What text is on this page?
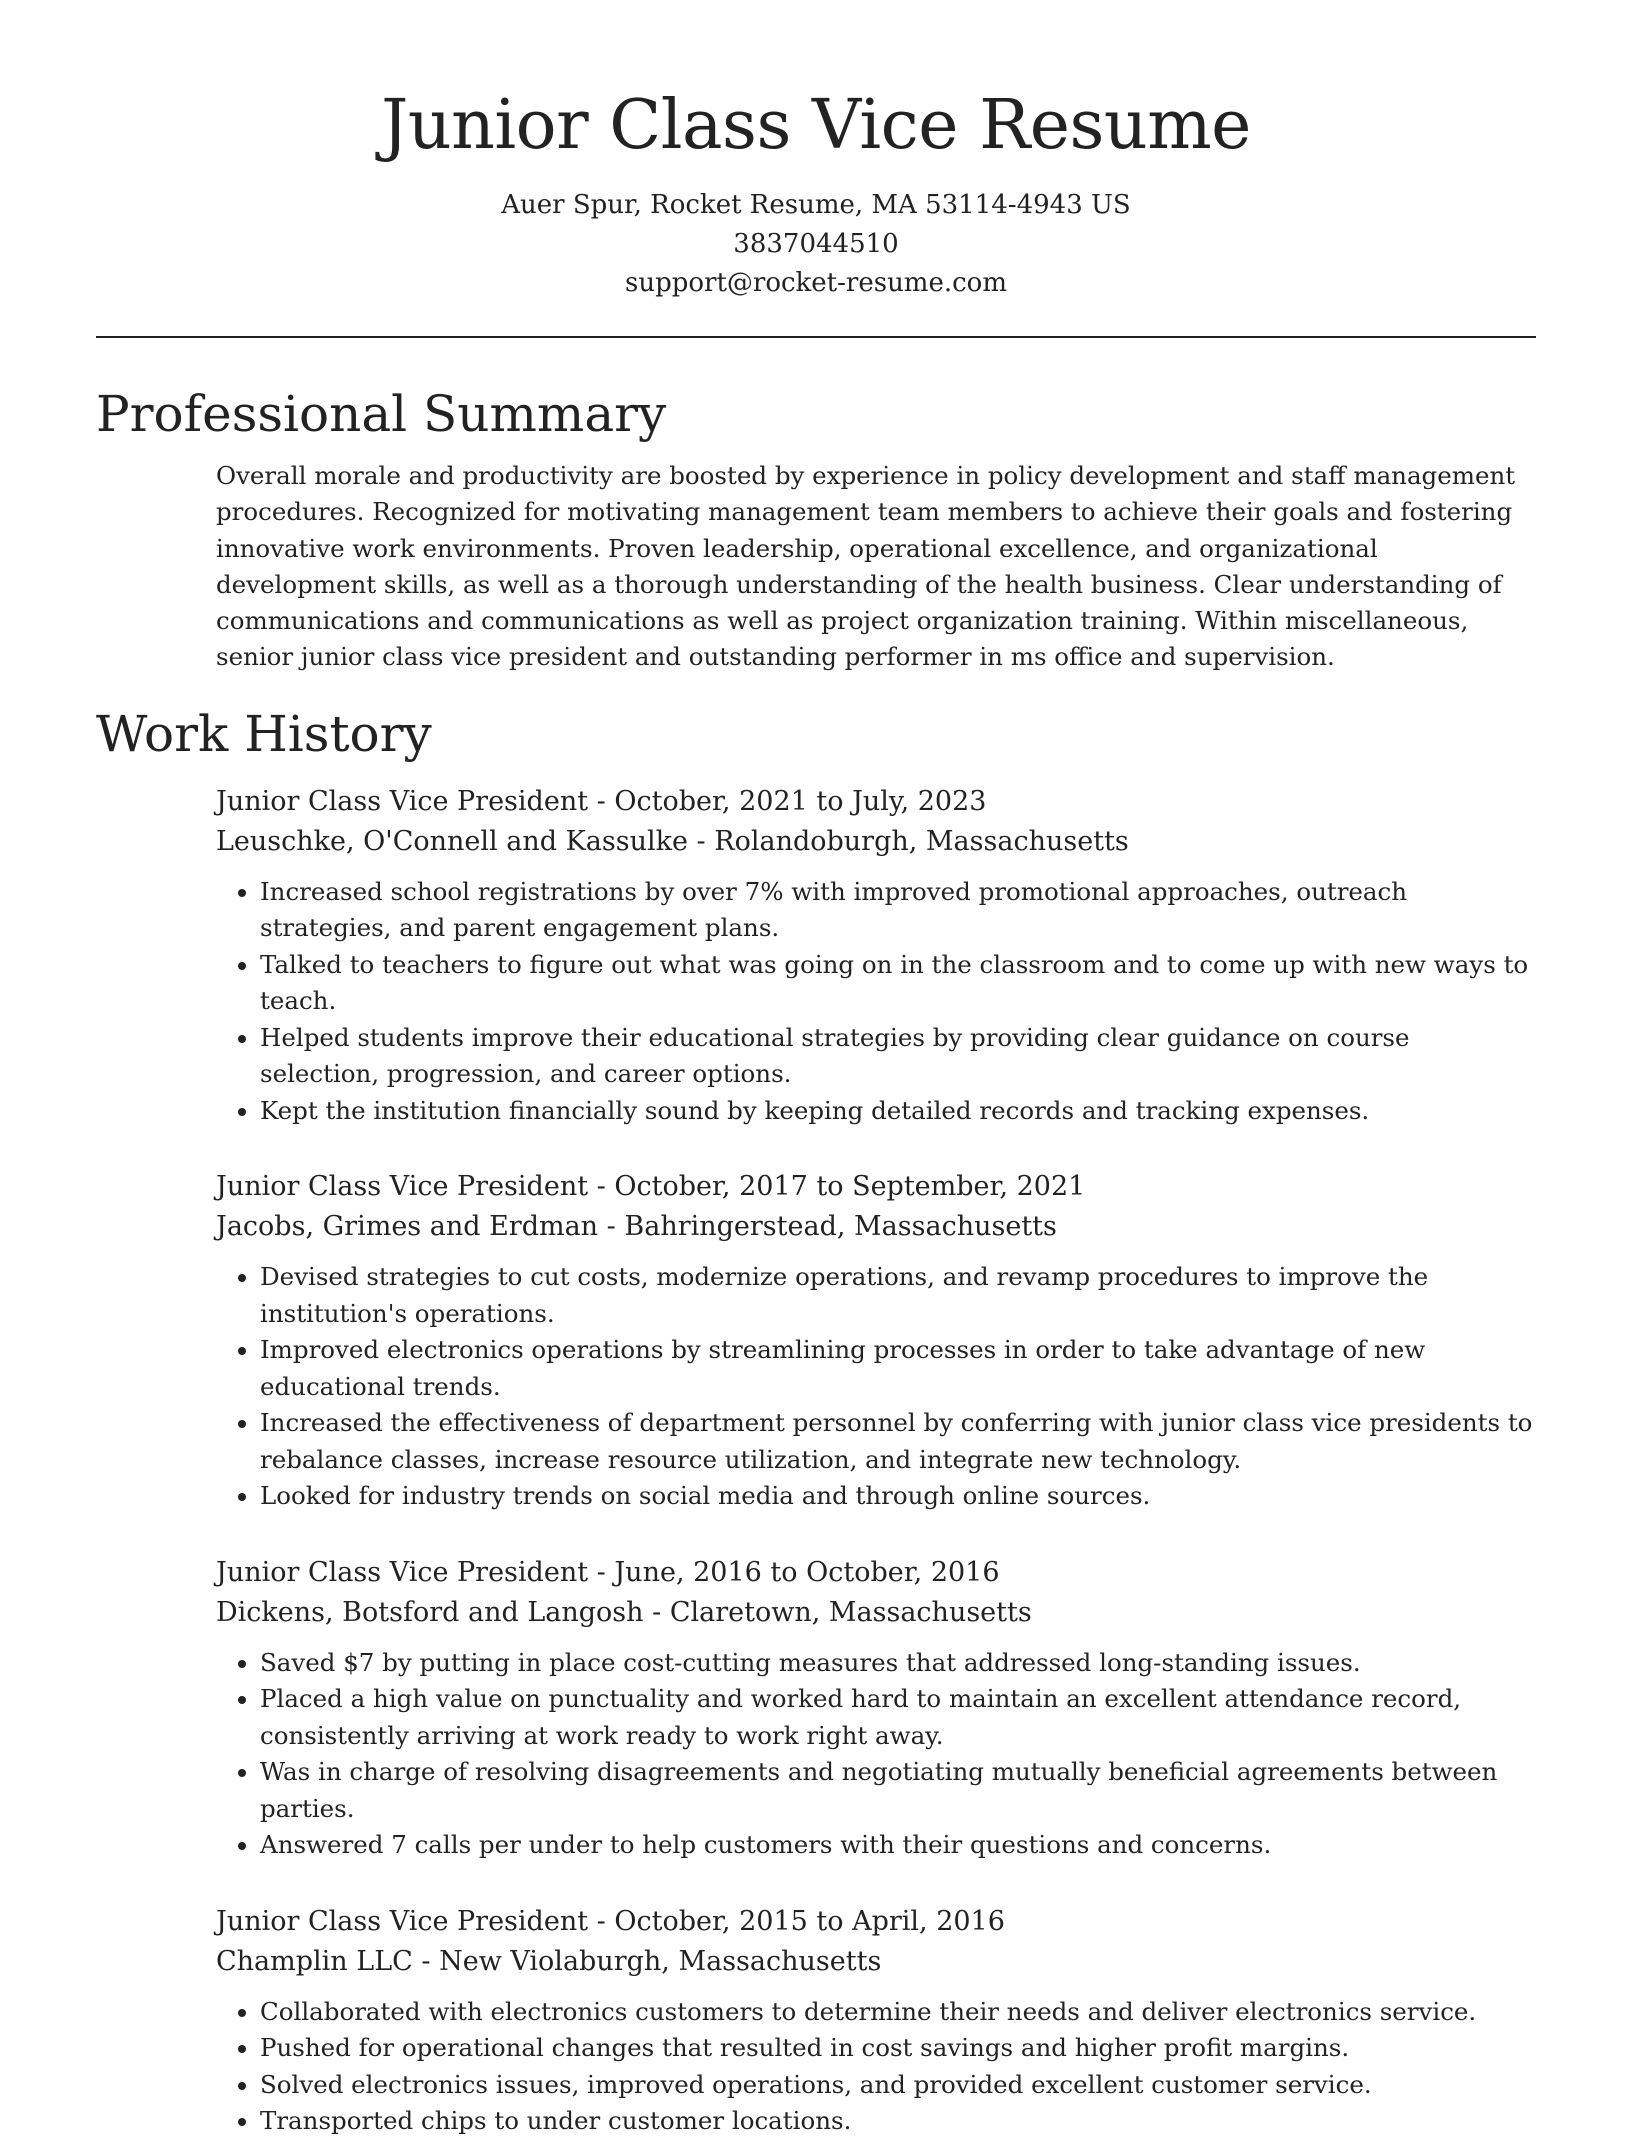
Junior Class Vice Resume
Auer Spur, Rocket Resume, MA 53114-4943 US
3837044510
support@rocket-resume.com
Professional Summary

Overall morale and productivity are boosted by experience in policy development and staff management procedures. Recognized for motivating management team members to achieve their goals and fostering innovative work environments. Proven leadership, operational excellence, and organizational development skills, as well as a thorough understanding of the health business. Clear understanding of communications and communications as well as project organization training. Within miscellaneous, senior junior class vice president and outstanding performer in ms office and supervision.

Work History
Junior Class Vice President - October, 2021 to July, 2023
Leuschke, O'Connell and Kassulke - Rolandoburgh, Massachusetts
• Increased school registrations by over 7% with improved promotional approaches, outreach strategies, and parent engagement plans.
• Talked to teachers to figure out what was going on in the classroom and to come up with new ways to teach.
• Helped students improve their educational strategies by providing clear guidance on course selection, progression, and career options.
• Kept the institution financially sound by keeping detailed records and tracking expenses.
Junior Class Vice President - October, 2017 to September, 2021
Jacobs, Grimes and Erdman - Bahringerstead, Massachusetts
• Devised strategies to cut costs, modernize operations, and revamp procedures to improve the institution's operations.
• Improved electronics operations by streamlining processes in order to take advantage of new educational trends.
• Increased the effectiveness of department personnel by conferring with junior class vice presidents to rebalance classes, increase resource utilization, and integrate new technology.
• Looked for industry trends on social media and through online sources.
Junior Class Vice President - June, 2016 to October, 2016
Dickens, Botsford and Langosh - Claretown, Massachusetts
• Saved $7 by putting in place cost-cutting measures that addressed long-standing issues.
• Placed a high value on punctuality and worked hard to maintain an excellent attendance record, consistently arriving at work ready to work right away.
• Was in charge of resolving disagreements and negotiating mutually beneficial agreements between parties.
• Answered 7 calls per under to help customers with their questions and concerns.
Junior Class Vice President - October, 2015 to April, 2016
Champlin LLC - New Violaburgh, Massachusetts
• Collaborated with electronics customers to determine their needs and deliver electronics service.
• Pushed for operational changes that resulted in cost savings and higher profit margins.
• Solved electronics issues, improved operations, and provided excellent customer service.
• Transported chips to under customer locations.
